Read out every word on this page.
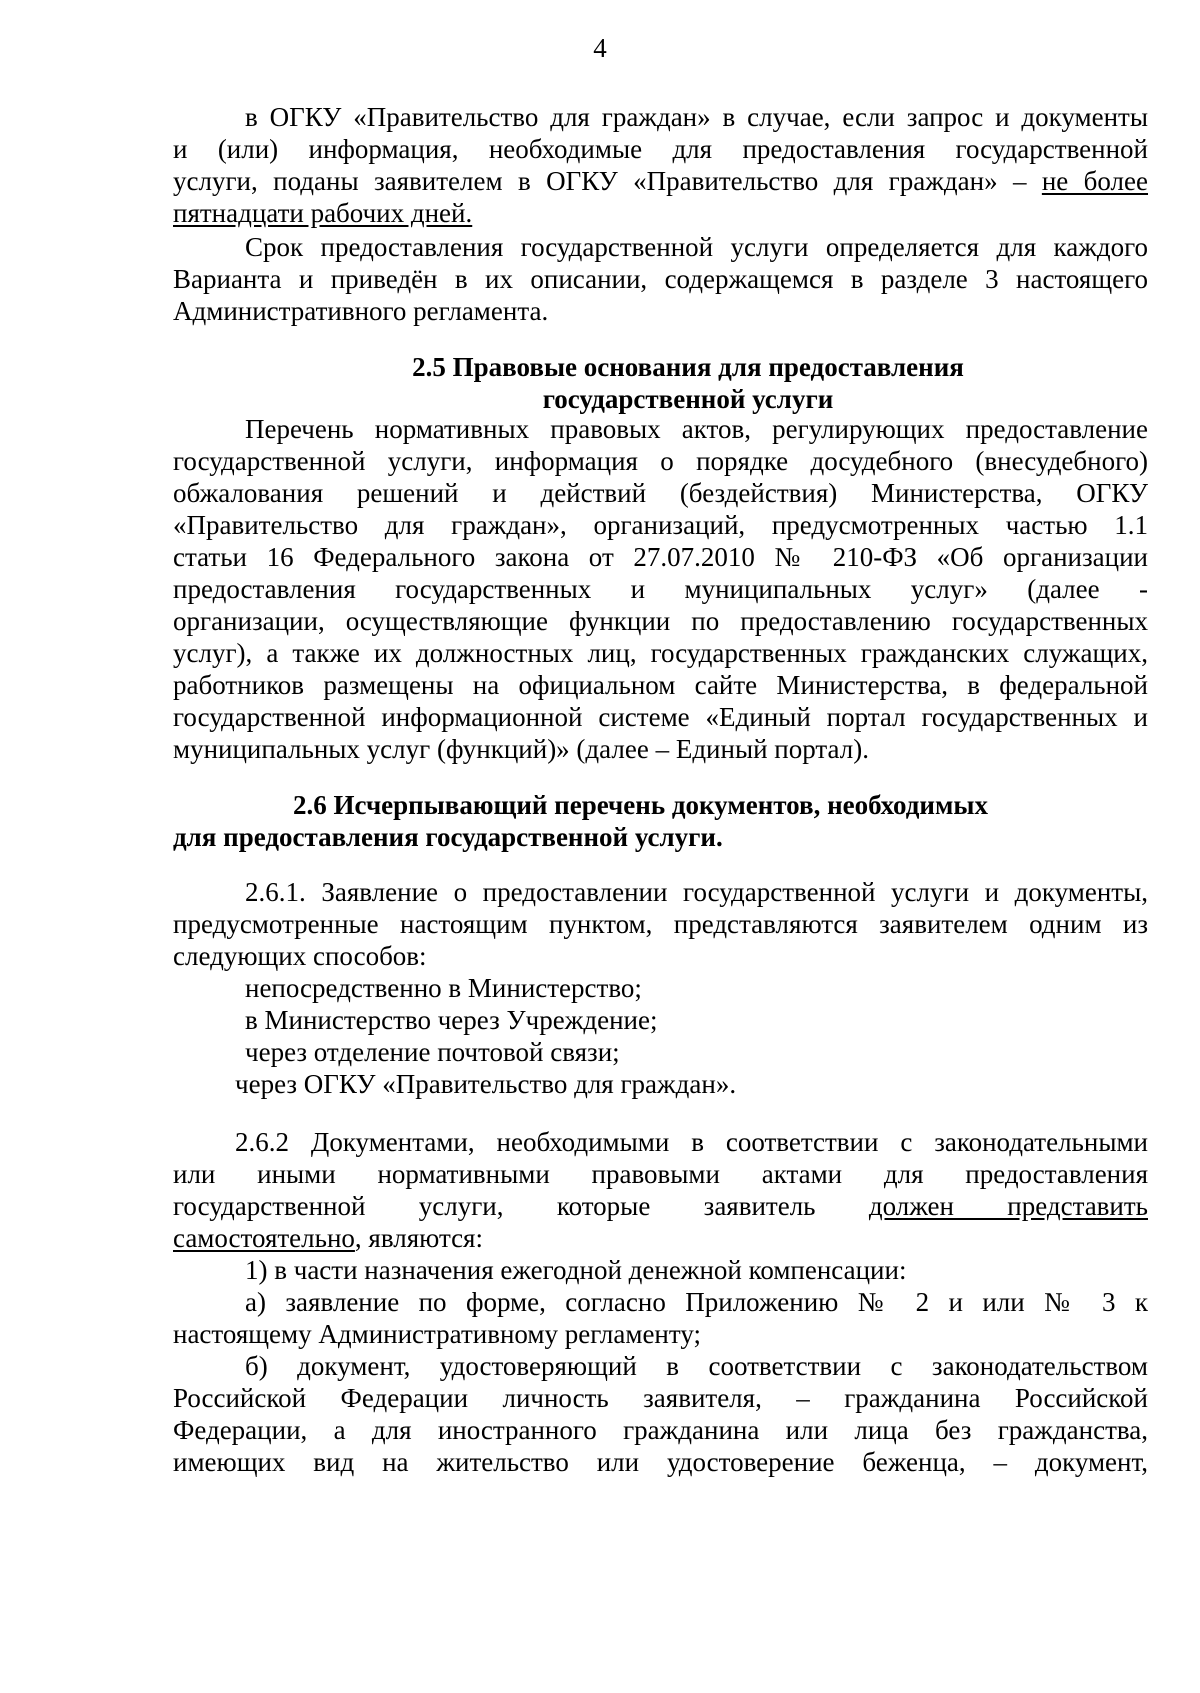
4

в ОГКУ «Правительство для граждан» в случае, если запрос и документы

и (или) информация, необходимые для предоставления государственной

услуги, поданы заявителем в ОГКУ «Правительство для граждан» – не более

пятнадцати рабочих дней.

Срок предоставления государственной услуги определяется для каждого

Варианта и приведён в их описании, содержащемся в разделе 3 настоящего

Административного регламента.

2.5 Правовые основания для предоставления

государственной услуги

Перечень нормативных правовых актов, регулирующих предоставление

государственной услуги, информация о порядке досудебного (внесудебного)

обжалования решений и действий (бездействия) Министерства, ОГКУ

«Правительство для граждан», организаций, предусмотренных частью 1.1

статьи 16 Федерального закона от 27.07.2010 № 210-ФЗ «Об организации

предоставления государственных и муниципальных услуг» (далее -

организации, осуществляющие функции по предоставлению государственных

услуг), а также их должностных лиц, государственных гражданских служащих,

работников размещены на официальном сайте Министерства, в федеральной

государственной информационной системе «Единый портал государственных и

муниципальных услуг (функций)» (далее – Единый портал).

2.6 Исчерпывающий перечень документов, необходимых

для предоставления государственной услуги.

2.6.1. Заявление о предоставлении государственной услуги и документы,

предусмотренные настоящим пунктом, представляются заявителем одним из

следующих способов:

непосредственно в Министерство;

в Министерство через Учреждение;

через отделение почтовой связи;

через ОГКУ «Правительство для граждан».

2.6.2 Документами, необходимыми в соответствии с законодательными

или иными нормативными правовыми актами для предоставления

государственной услуги, которые заявитель должен представить

самостоятельно, являются:

1) в части назначения ежегодной денежной компенсации:

а) заявление по форме, согласно Приложению № 2 и или № 3 к

настоящему Административному регламенту;

б) документ, удостоверяющий в соответствии с законодательством

Российской Федерации личность заявителя, – гражданина Российской

Федерации, а для иностранного гражданина или лица без гражданства,

имеющих вид на жительство или удостоверение беженца, – документ,
